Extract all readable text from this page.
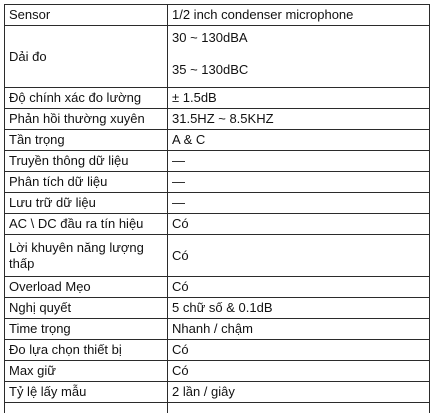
Sensor	1/2 inch condenser microphone
Dải đo	30 ~ 130dBA
35 ~ 130dBC

Độ chính xác đo lường	± 1.5dB
Phản hồi thường xuyên	31.5HZ ~ 8.5KHZ
Tần trọng	A & C
Truyền thông dữ liệu	—
Phân tích dữ liệu	—
Lưu trữ dữ liệu	—
AC \ DC đầu ra tín hiệu	Có
Lời khuyên năng lượng thấp	Có
Overload Mẹo	Có
Nghị quyết	5 chữ số & 0.1dB
Time trọng	Nhanh / chậm
Đo lựa chọn thiết bị	Có
Max giữ	Có
Tỷ lệ lấy mẫu	2 lần / giây
